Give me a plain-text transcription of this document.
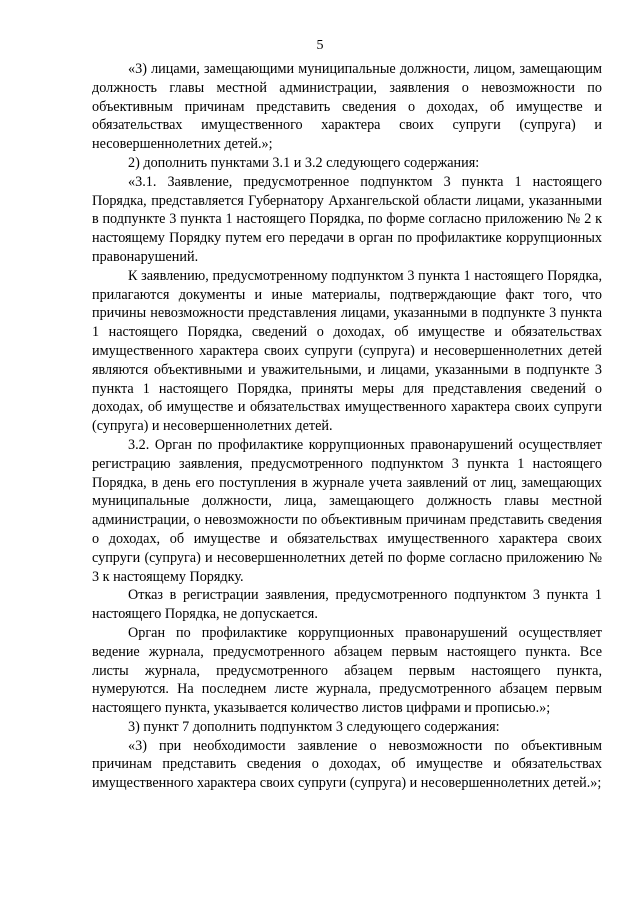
5

«3) лицами, замещающими муниципальные должности, лицом, замещающим должность главы местной администрации, заявления о невозможности по объективным причинам представить сведения о доходах, об имуществе и обязательствах имущественного характера своих супруги (супруга) и несовершеннолетних детей.»;

2) дополнить пунктами 3.1 и 3.2 следующего содержания:

«3.1. Заявление, предусмотренное подпунктом 3 пункта 1 настоящего Порядка, представляется Губернатору Архангельской области лицами, указанными в подпункте 3 пункта 1 настоящего Порядка, по форме согласно приложению № 2 к настоящему Порядку путем его передачи в орган по профилактике коррупционных правонарушений.

К заявлению, предусмотренному подпунктом 3 пункта 1 настоящего Порядка, прилагаются документы и иные материалы, подтверждающие факт того, что причины невозможности представления лицами, указанными в подпункте 3 пункта 1 настоящего Порядка, сведений о доходах, об имуществе и обязательствах имущественного характера своих супруги (супруга) и несовершеннолетних детей являются объективными и уважительными, и лицами, указанными в подпункте 3 пункта 1 настоящего Порядка, приняты меры для представления сведений о доходах, об имуществе и обязательствах имущественного характера своих супруги (супруга) и несовершеннолетних детей.

3.2. Орган по профилактике коррупционных правонарушений осуществляет регистрацию заявления, предусмотренного подпунктом 3 пункта 1 настоящего Порядка, в день его поступления в журнале учета заявлений от лиц, замещающих муниципальные должности, лица, замещающего должность главы местной администрации, о невозможности по объективным причинам представить сведения о доходах, об имуществе и обязательствах имущественного характера своих супруги (супруга) и несовершеннолетних детей по форме согласно приложению № 3 к настоящему Порядку.

Отказ в регистрации заявления, предусмотренного подпунктом 3 пункта 1 настоящего Порядка, не допускается.

Орган по профилактике коррупционных правонарушений осуществляет ведение журнала, предусмотренного абзацем первым настоящего пункта. Все листы журнала, предусмотренного абзацем первым настоящего пункта, нумеруются. На последнем листе журнала, предусмотренного абзацем первым настоящего пункта, указывается количество листов цифрами и прописью.»;

3) пункт 7 дополнить подпунктом 3 следующего содержания:

«3) при необходимости заявление о невозможности по объективным причинам представить сведения о доходах, об имуществе и обязательствах имущественного характера своих супруги (супруга) и несовершеннолетних детей.»;
